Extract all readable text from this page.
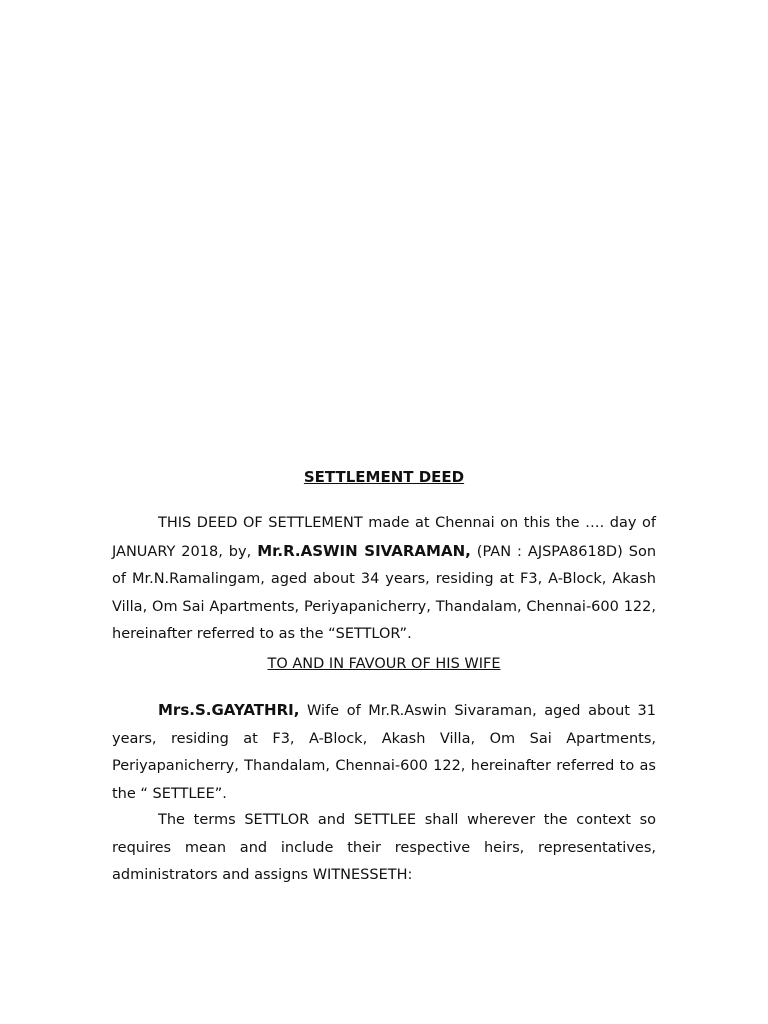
SETTLEMENT DEED

THIS DEED OF SETTLEMENT made at Chennai on this the …. day of JANUARY 2018, by, Mr.R.ASWIN SIVARAMAN, (PAN : AJSPA8618D) Son of Mr.N.Ramalingam, aged about 34 years, residing at F3, A-Block, Akash Villa, Om Sai Apartments, Periyapanicherry, Thandalam, Chennai-600 122, hereinafter referred to as the “SETTLOR”.

TO AND IN FAVOUR OF HIS WIFE

Mrs.S.GAYATHRI, Wife of Mr.R.Aswin Sivaraman, aged about 31 years, residing at F3, A-Block, Akash Villa, Om Sai Apartments, Periyapanicherry, Thandalam, Chennai-600 122, hereinafter referred to as the “ SETTLEE”.

The terms SETTLOR and SETTLEE shall wherever the context so requires mean and include their respective heirs, representatives, administrators and assigns WITNESSETH:
